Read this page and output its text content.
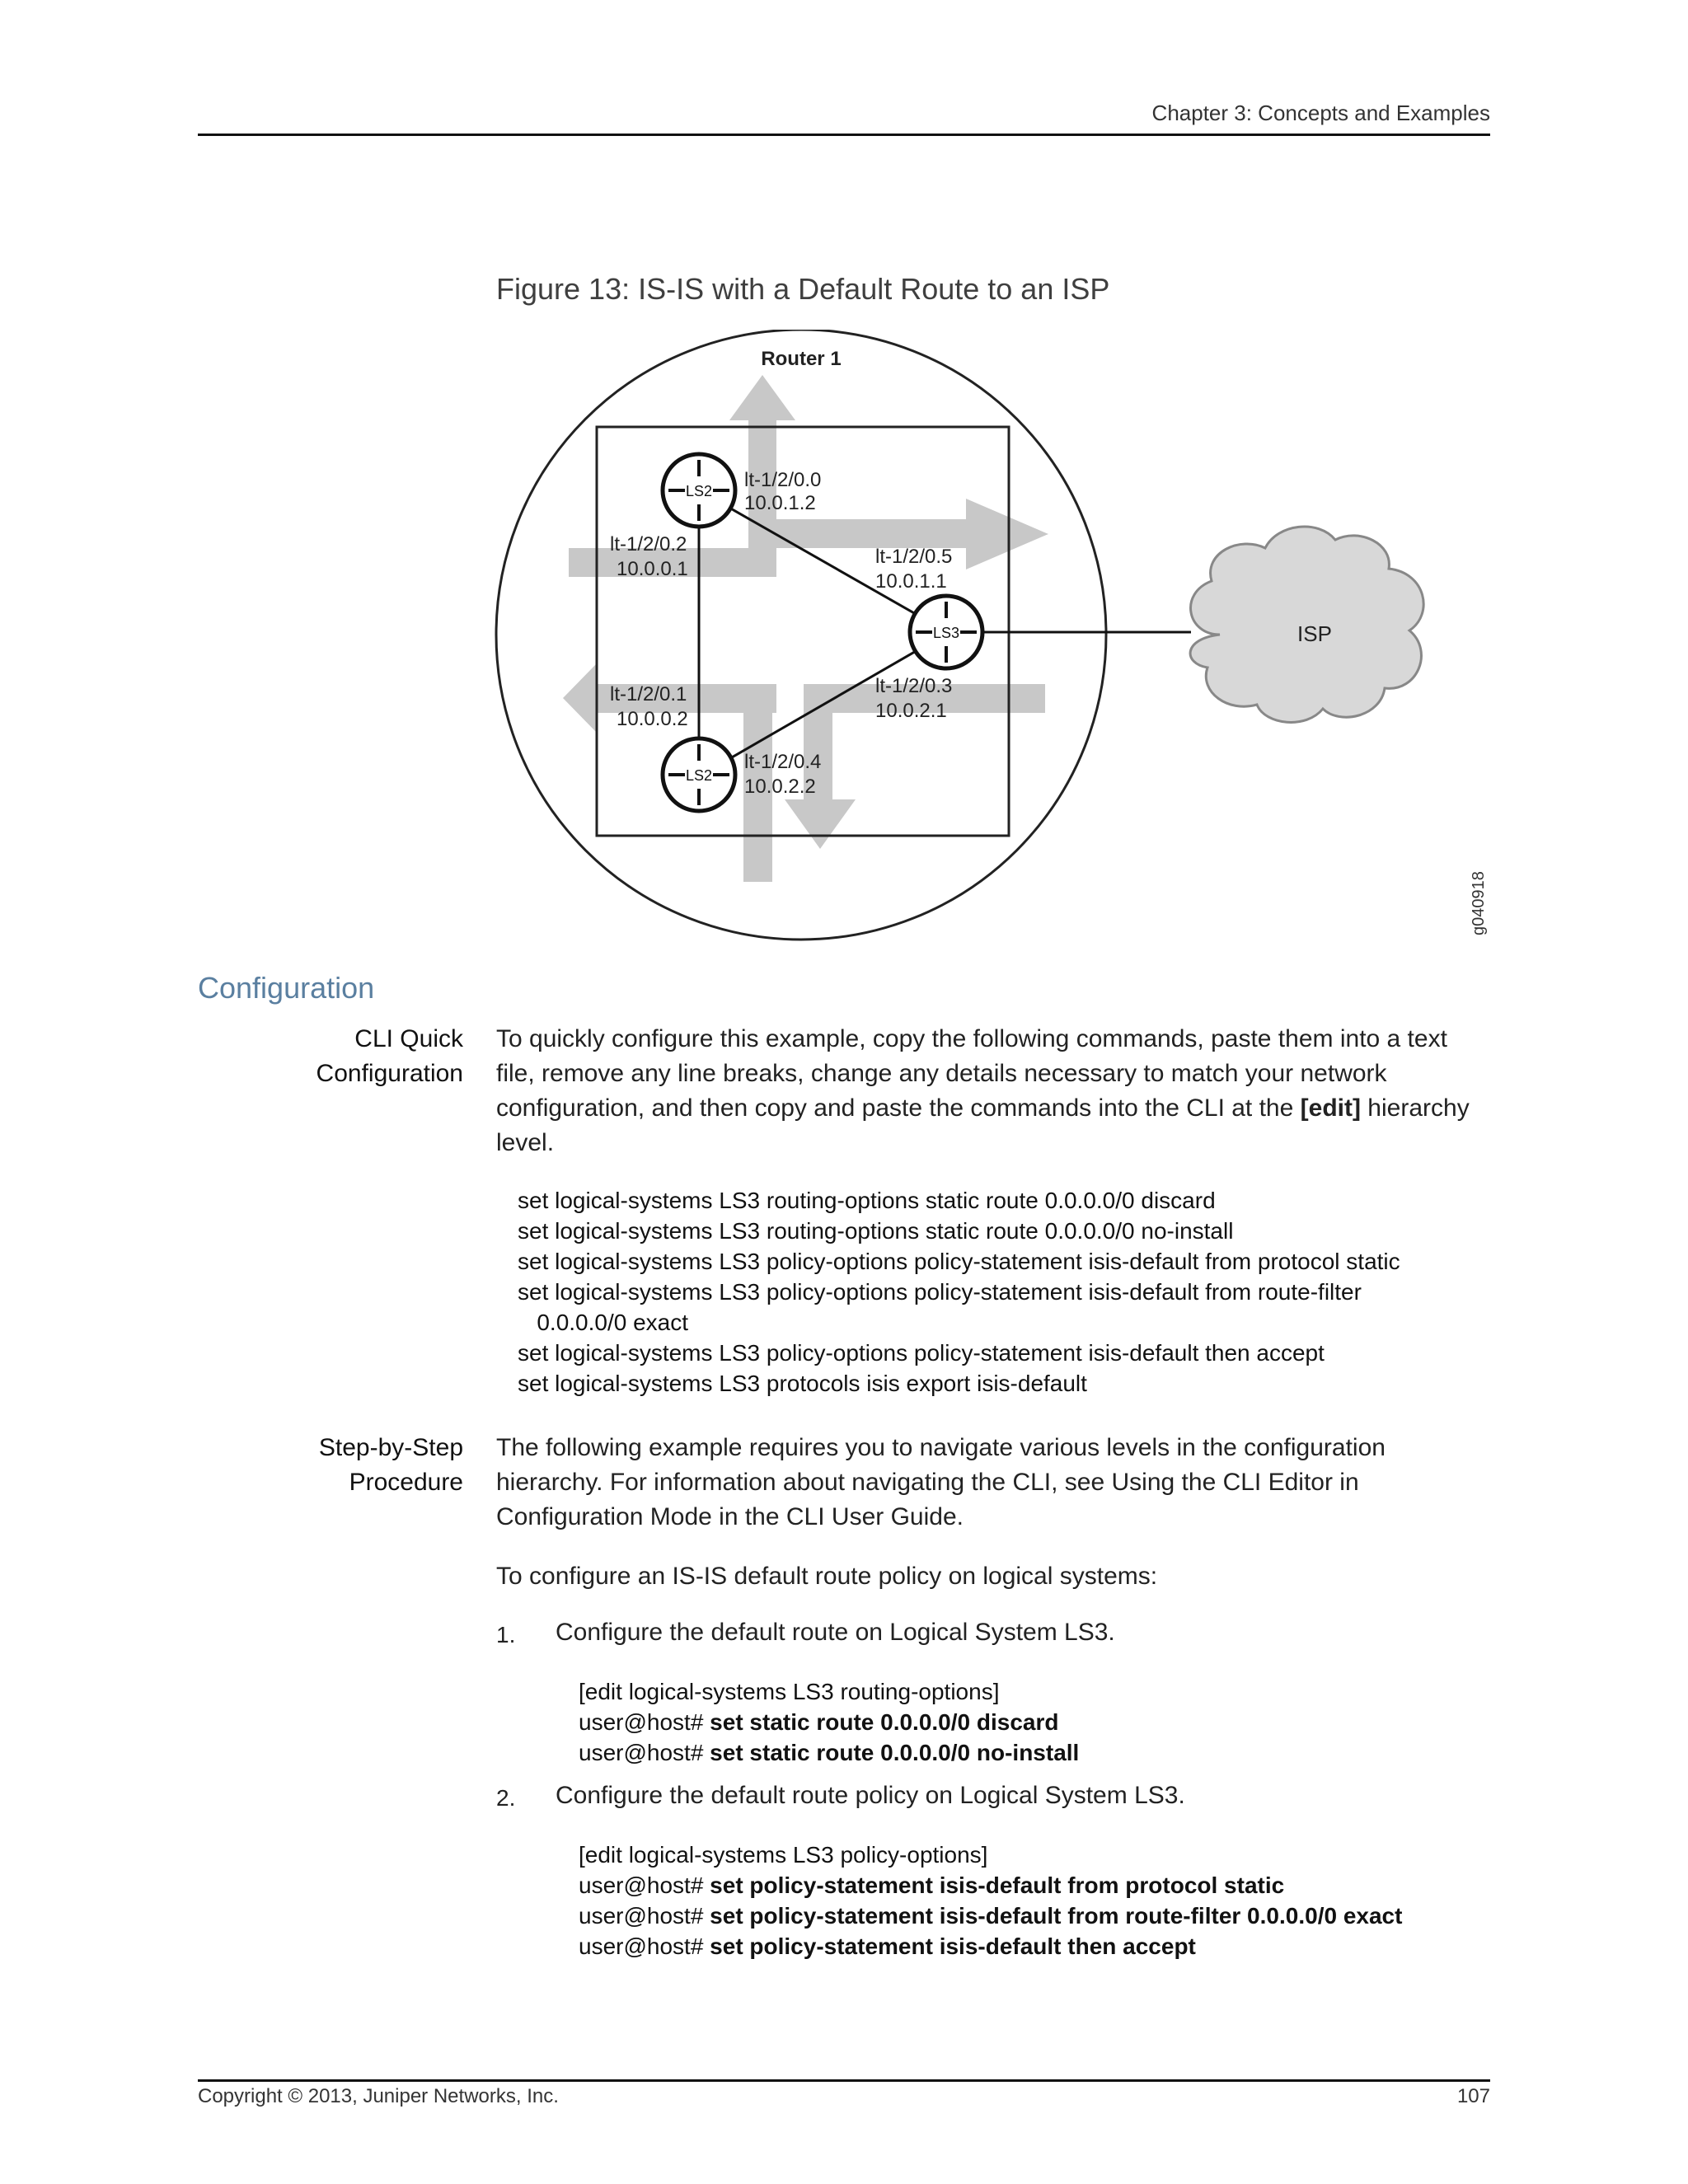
Chapter 3: Concepts and Examples
Figure 13: IS-IS with a Default Route to an ISP
LS2
LS3
LS2
ISP
Router 1
lt-1/2/0.0
10.0.1.2
lt-1/2/0.2
10.0.0.1
lt-1/2/0.5
10.0.1.1
lt-1/2/0.1
10.0.0.2
lt-1/2/0.3
10.0.2.1
lt-1/2/0.4
10.0.2.2
g040918
Configuration
CLI Quick
Configuration
To quickly configure this example, copy the following commands, paste them into a text
file, remove any line breaks, change any details necessary to match your network
configuration, and then copy and paste the commands into the CLI at the [edit] hierarchy
level.
set logical-systems LS3 routing-options static route 0.0.0.0/0 discard
set logical-systems LS3 routing-options static route 0.0.0.0/0 no-install
set logical-systems LS3 policy-options policy-statement isis-default from protocol static
set logical-systems LS3 policy-options policy-statement isis-default from route-filter
0.0.0.0/0 exact
set logical-systems LS3 policy-options policy-statement isis-default then accept
set logical-systems LS3 protocols isis export isis-default
Step-by-Step
Procedure
The following example requires you to navigate various levels in the configuration
hierarchy. For information about navigating the CLI, see Using the CLI Editor in
Configuration Mode in the CLI User Guide.
To configure an IS-IS default route policy on logical systems:
1. Configure the default route on Logical System LS3.
[edit logical-systems LS3 routing-options]
user@host# set static route 0.0.0.0/0 discard
user@host# set static route 0.0.0.0/0 no-install
2. Configure the default route policy on Logical System LS3.
[edit logical-systems LS3 policy-options]
user@host# set policy-statement isis-default from protocol static
user@host# set policy-statement isis-default from route-filter 0.0.0.0/0 exact
user@host# set policy-statement isis-default then accept
Copyright © 2013, Juniper Networks, Inc.	107
